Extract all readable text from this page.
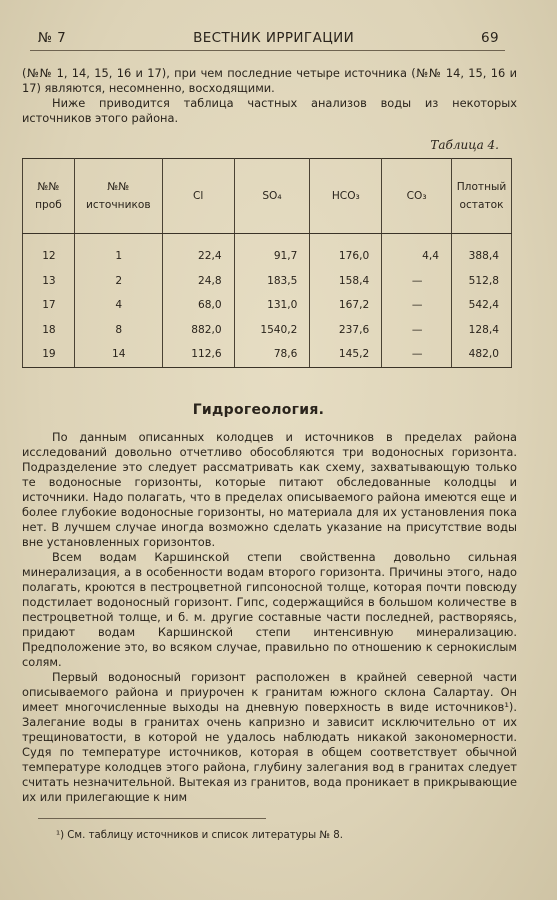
№ 7	ВЕСТНИК ИРРИГАЦИИ	69

(№№ 1, 14, 15, 16 и 17), при чем последние четыре источника (№№ 14, 15, 16 и 17) являются, несомненно, восходящими.

Ниже приводится таблица частных анализов воды из некоторых источников этого района.

Таблица 4.
№№ проб	№№ источников	Cl	SO₄	HCO₃	CO₃	Плотный остаток

12	1	22,4	91,7	176,0	4,4	388,4
13	2	24,8	183,5	158,4	—	512,8
17	4	68,0	131,0	167,2	—	542,4
18	8	882,0	1540,2	237,6	—	128,4
19	14	112,6	78,6	145,2	—	482,0
Гидрогеология.

По данным описанных колодцев и источников в пределах района исследований довольно отчетливо обособляются три водоносных горизонта. Подразделение это следует рассматривать как схему, захватывающую только те водоносные горизонты, которые питают обследованные колодцы и источники. Надо полагать, что в пределах описываемого района имеются еще и более глубокие водоносные горизонты, но материала для их установления пока нет. В лучшем случае иногда возможно сделать указание на присутствие воды вне установленных горизонтов.

Всем водам Каршинской степи свойственна довольно сильная минерализация, а в особенности водам второго горизонта. Причины этого, надо полагать, кроются в пестроцветной гипсоносной толще, которая почти повсюду подстилает водоносный горизонт. Гипс, содержащийся в большом количестве в пестроцветной толще, и б. м. другие составные части последней, растворяясь, придают водам Каршинской степи интенсивную минерализацию. Предположение это, во всяком случае, правильно по отношению к сернокислым солям.

Первый водоносный горизонт расположен в крайней северной части описываемого района и приурочен к гранитам южного склона Салартау. Он имеет многочисленные выходы на дневную поверхность в виде источников¹). Залегание воды в гранитах очень капризно и зависит исключительно от их трещиноватости, в которой не удалось наблюдать никакой закономерности. Судя по температуре источников, которая в общем соответствует обычной температуре колодцев этого района, глубину залегания вод в гранитах следует считать незначительной. Вытекая из гранитов, вода проникает в прикрывающие их или прилегающие к ним

¹) См. таблицу источников и список литературы № 8.
